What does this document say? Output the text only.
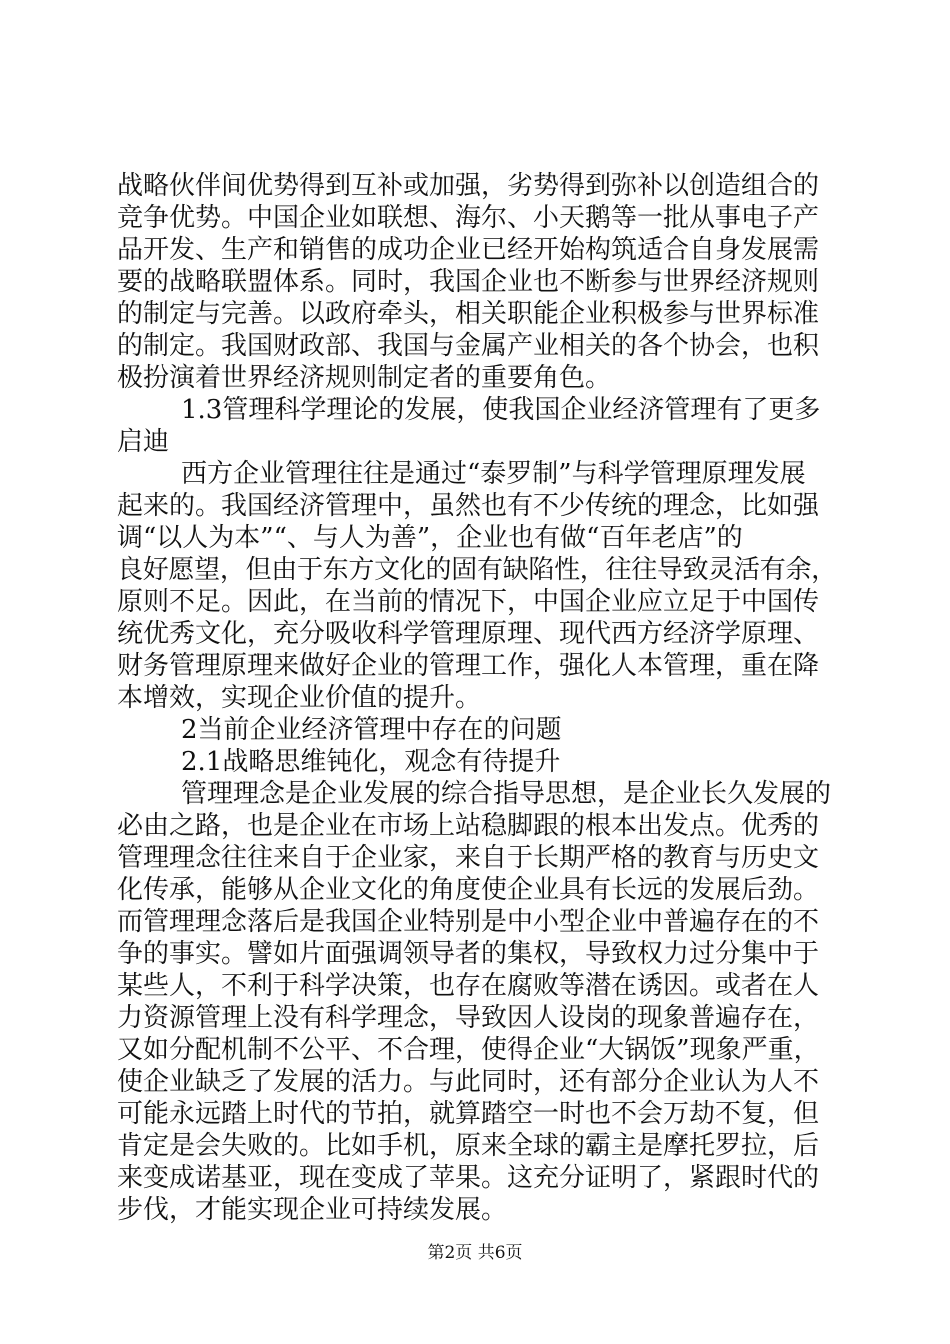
战略伙伴间优势得到互补或加强，劣势得到弥补以创造组合的
竞争优势。中国企业如联想、海尔、小天鹅等一批从事电子产
品开发、生产和销售的成功企业已经开始构筑适合自身发展需
要的战略联盟体系。同时，我国企业也不断参与世界经济规则
的制定与完善。以政府牵头，相关职能企业积极参与世界标准
的制定。我国财政部、我国与金属产业相关的各个协会，也积
极扮演着世界经济规则制定者的重要角色。
1.3管理科学理论的发展，使我国企业经济管理有了更多
启迪
西方企业管理往往是通过“泰罗制”与科学管理原理发展
起来的。我国经济管理中，虽然也有不少传统的理念，比如强
调“以人为本”“、与人为善”，企业也有做“百年老店”的
良好愿望，但由于东方文化的固有缺陷性，往往导致灵活有余，
原则不足。因此，在当前的情况下，中国企业应立足于中国传
统优秀文化，充分吸收科学管理原理、现代西方经济学原理、
财务管理原理来做好企业的管理工作，强化人本管理，重在降
本增效，实现企业价值的提升。
2当前企业经济管理中存在的问题
2.1战略思维钝化，观念有待提升
管理理念是企业发展的综合指导思想，是企业长久发展的
必由之路，也是企业在市场上站稳脚跟的根本出发点。优秀的
管理理念往往来自于企业家，来自于长期严格的教育与历史文
化传承，能够从企业文化的角度使企业具有长远的发展后劲。
而管理理念落后是我国企业特别是中小型企业中普遍存在的不
争的事实。譬如片面强调领导者的集权，导致权力过分集中于
某些人，不利于科学决策，也存在腐败等潜在诱因。或者在人
力资源管理上没有科学理念，导致因人设岗的现象普遍存在，
又如分配机制不公平、不合理，使得企业“大锅饭”现象严重，
使企业缺乏了发展的活力。与此同时，还有部分企业认为人不
可能永远踏上时代的节拍，就算踏空一时也不会万劫不复，但
肯定是会失败的。比如手机，原来全球的霸主是摩托罗拉，后
来变成诺基亚，现在变成了苹果。这充分证明了，紧跟时代的
步伐，才能实现企业可持续发展。
第2页 共6页
